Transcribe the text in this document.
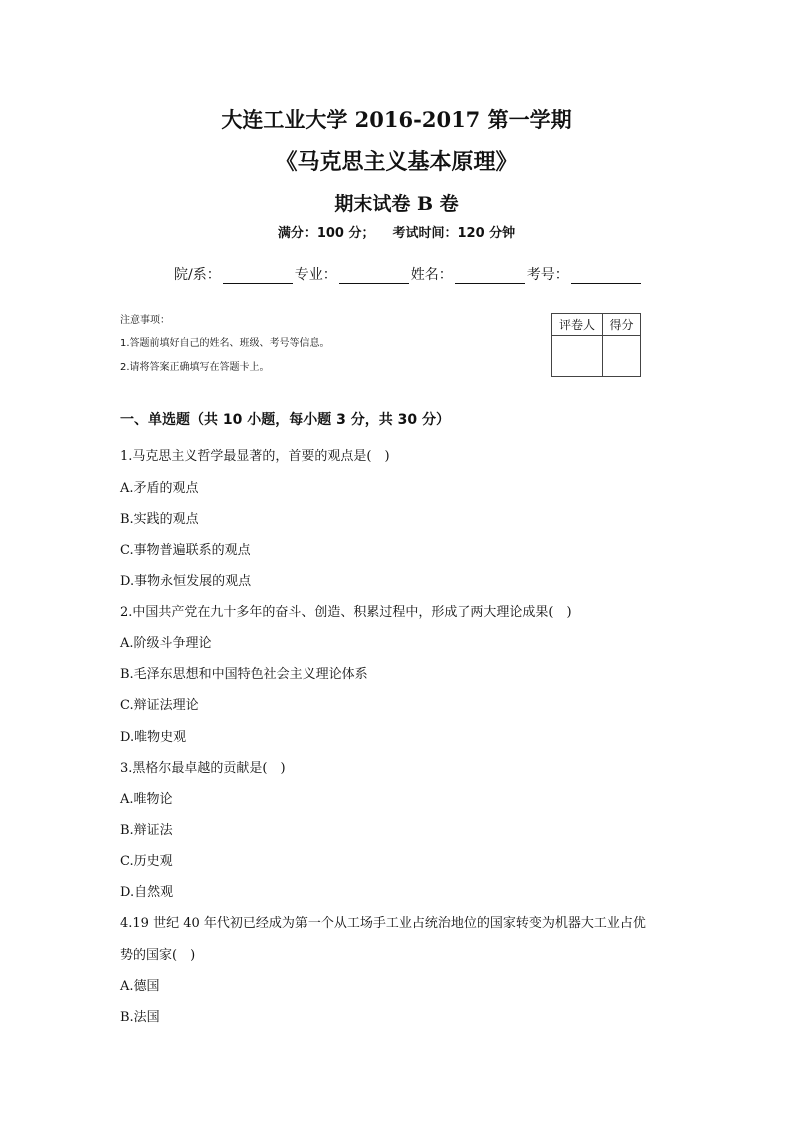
大连工业大学 2016-2017 第一学期
《马克思主义基本原理》
期末试卷 B 卷
满分：100 分； 考试时间：120 分钟
院/系：	专业：	姓名：	考号：
注意事项：
1.答题前填好自己的姓名、班级、考号等信息。
2.请将答案正确填写在答题卡上。
评卷人	得分

一、单选题（共 10 小题，每小题 3 分，共 30 分）
1.马克思主义哲学最显著的，首要的观点是(　)
A.矛盾的观点
B.实践的观点
C.事物普遍联系的观点
D.事物永恒发展的观点
2.中国共产党在九十多年的奋斗、创造、积累过程中，形成了两大理论成果(　)
A.阶级斗争理论
B.毛泽东思想和中国特色社会主义理论体系
C.辩证法理论
D.唯物史观
3.黑格尔最卓越的贡献是(　)
A.唯物论
B.辩证法
C.历史观
D.自然观
4.19 世纪 40 年代初已经成为第一个从工场手工业占统治地位的国家转变为机器大工业占优
势的国家(　)
A.德国
B.法国
